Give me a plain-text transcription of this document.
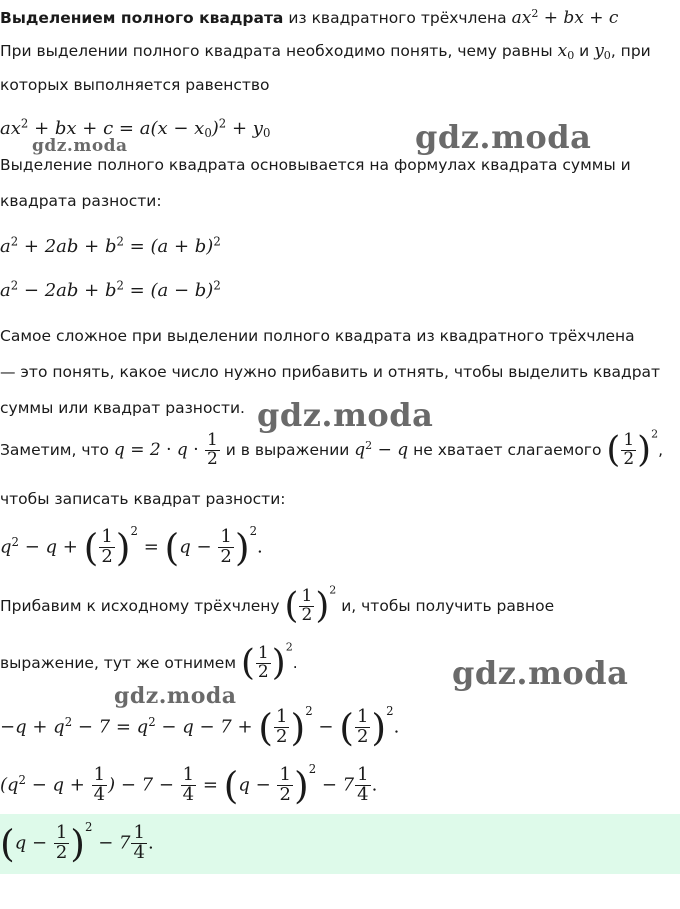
Выделением полного квадрата из квадратного трёхчлена $ax^2$ + bx + c
При выделении полного квадрата необходимо понять, чему равны $x_0$ и $y_0$, при
которых выполняется равенство
$ax^2$ + bx + $c = a(x - x_0)^2 + y_0$
Выделение полного квадрата основывается на формулах квадрата суммы и
квадрата разности:
$a^2 + 2ab + b^2 = (a + b)^2$
$a^2 - 2ab + b^2 = (a - b)^2$
Самое сложное при выделении полного квадрата из квадратного трёхчлена
— это понять, какое число нужно прибавить и отнять, чтобы выделить квадрат
суммы или квадрат разности.
Заметим, что $q = 2 \cdot q \cdot \frac{1}{2}$ и в выражении $q^2 - q$ не хватает слагаемого ( $\frac{1}{2} )^2$,
чтобы записать квадрат разности:
$q^2 - q$ + ( $\frac{1}{2} )^2 = (q - \frac{1}{2} )^2$.
Прибавим к исходному трёхчлену ( $\frac{1}{2} )^2$ и, чтобы получить равное
выражение, тут же отнимем ( $\frac{1}{2} )^2$.
$-q + q^2 - 7 = q^2 - q - 7$ + ( $\frac{1}{2} )^2$ − ( $\frac{1}{2} )^2$.
($q^2 - q + \frac{1}{4}$ ) − $7 - \frac{1}{4} = (q - \frac{1}{2} )^2 - 7 \frac{1}{4}$ .
$(q - \frac{1}{2} )^2 - 7 \frac{1}{4}$ .
gdz.moda
gdz.moda
gdz.moda
gdz.moda
gdz.moda
